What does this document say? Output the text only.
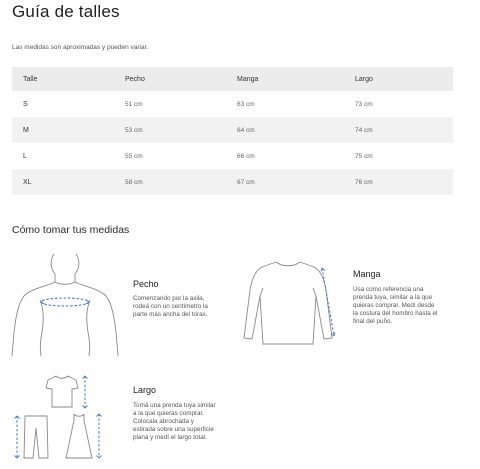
Guía de talles
Las medidas son aproximadas y pueden variar.
Talle	Pecho	Manga	Largo
S	51 cm	63 cm	73 cm
M	53 cm	64 cm	74 cm
L	55 cm	66 cm	75 cm
XL	58 cm	67 cm	76 cm
Cómo tomar tus medidas
Pecho
Comenzando por la axila,
rodeá con un centímetro la
parte más ancha del torax.
Manga
Usa como referencia una
prenda tuya, similar a la que
quieras comprar. Medí desde
la costura del hombro hasta el
final del puño.
Largo
Tomá una prenda tuya similar
a la que quieras comprar.
Colocala abrochada y
estirada sobre una superficie
plana y medí el largo total.
